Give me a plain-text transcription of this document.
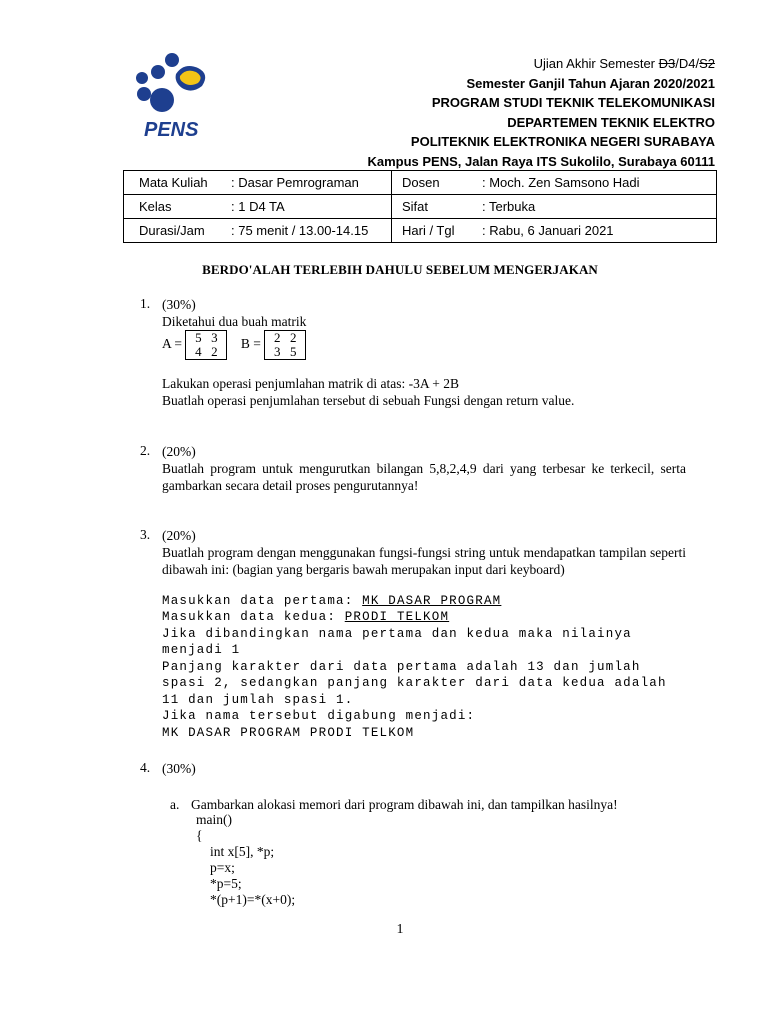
PENS
Ujian Akhir Semester D3/D4/S2
Semester Ganjil Tahun Ajaran 2020/2021
PROGRAM STUDI TEKNIK TELEKOMUNIKASI
DEPARTEMEN TEKNIK ELEKTRO
POLITEKNIK ELEKTRONIKA NEGERI SURABAYA
Kampus PENS, Jalan Raya ITS Sukolilo, Surabaya 60111
Mata Kuliah	: Dasar Pemrograman	Dosen	: Moch. Zen Samsono Hadi
Kelas	: 1 D4 TA	Sifat	: Terbuka
Durasi/Jam	: 75 menit / 13.00-14.15	Hari / Tgl	: Rabu, 6 Januari 2021
BERDO'ALAH TERLEBIH DAHULU SEBELUM MENGERJAKAN
1. (30%)
Diketahui dua buah matrik
A =	5 3
4 2
B =	2 2
3 5
Lakukan operasi penjumlahan matrik di atas: -3A + 2B
Buatlah operasi penjumlahan tersebut di sebuah Fungsi dengan return value.
2. (20%)
Buatlah program untuk mengurutkan bilangan 5,8,2,4,9 dari yang terbesar ke terkecil, serta gambarkan secara detail proses pengurutannya!
3. (20%)
Buatlah program dengan menggunakan fungsi-fungsi string untuk mendapatkan tampilan seperti dibawah ini: (bagian yang bergaris bawah merupakan input dari keyboard)
Masukkan data pertama: MK DASAR PROGRAM
Masukkan data kedua: PRODI TELKOM
Jika dibandingkan nama pertama dan kedua maka nilainya
menjadi 1
Panjang karakter dari data pertama adalah 13 dan jumlah
spasi 2, sedangkan panjang karakter dari data kedua adalah
11 dan jumlah spasi 1.
Jika nama tersebut digabung menjadi:
MK DASAR PROGRAM PRODI TELKOM
4. (30%)
a. Gambarkan alokasi memori dari program dibawah ini, dan tampilkan hasilnya!
main()
{
int x[5], *p;
p=x;
*p=5;
*(p+1)=*(x+0);
1
